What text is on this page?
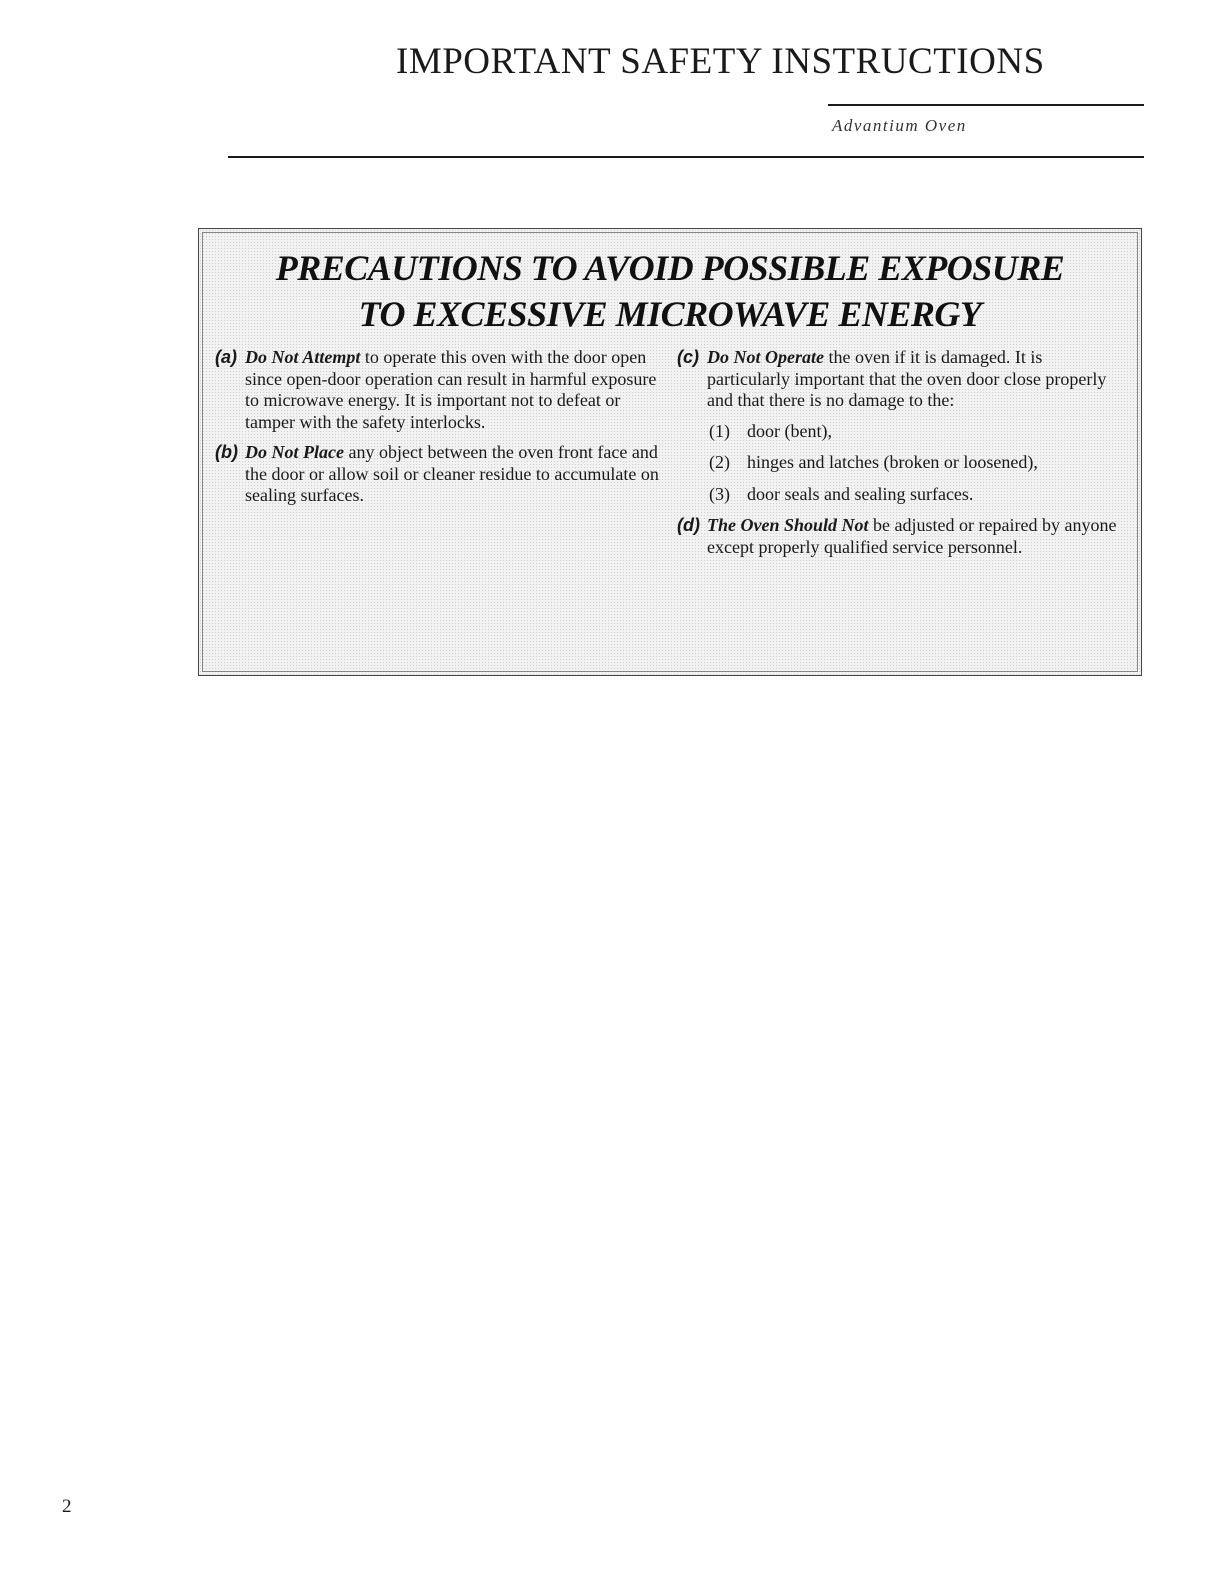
IMPORTANT SAFETY INSTRUCTIONS
Advantium Oven
PRECAUTIONS TO AVOID POSSIBLE EXPOSURE
TO EXCESSIVE MICROWAVE ENERGY
(a) Do Not Attempt to operate this oven with the door open since open-door operation can result in harmful exposure to microwave energy. It is important not to defeat or tamper with the safety interlocks.
(b) Do Not Place any object between the oven front face and the door or allow soil or cleaner residue to accumulate on sealing surfaces.
(c) Do Not Operate the oven if it is damaged. It is particularly important that the oven door close properly and that there is no damage to the:
(1) door (bent),
(2) hinges and latches (broken or loosened),
(3) door seals and sealing surfaces.
(d) The Oven Should Not be adjusted or repaired by anyone except properly qualified service personnel.
2
